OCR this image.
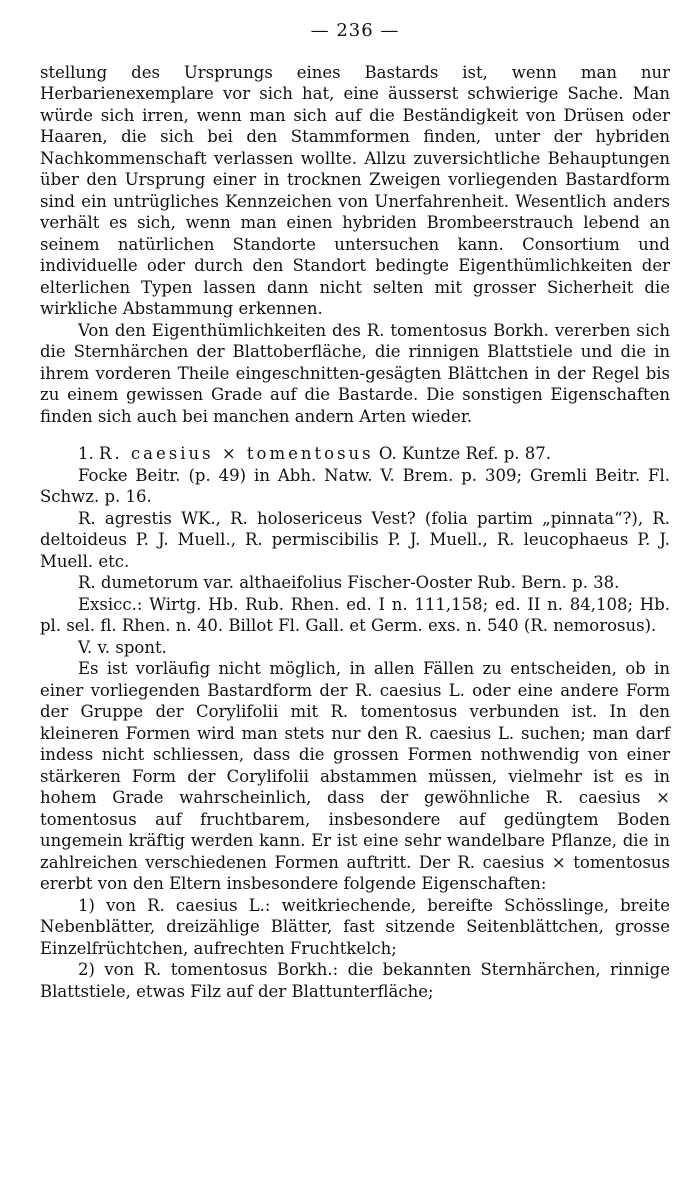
— 236 —

stellung des Ursprungs eines Bastards ist, wenn man nur Herbarienexemplare vor sich hat, eine äusserst schwierige Sache. Man würde sich irren, wenn man sich auf die Beständigkeit von Drüsen oder Haaren, die sich bei den Stammformen finden, unter der hybriden Nachkommenschaft verlassen wollte. Allzu zuversichtliche Behauptungen über den Ursprung einer in trocknen Zweigen vorliegenden Bastardform sind ein untrügliches Kennzeichen von Unerfahrenheit. Wesentlich anders verhält es sich, wenn man einen hybriden Brombeerstrauch lebend an seinem natürlichen Standorte untersuchen kann. Consortium und individuelle oder durch den Standort bedingte Eigenthümlichkeiten der elterlichen Typen lassen dann nicht selten mit grosser Sicherheit die wirkliche Abstammung erkennen.

Von den Eigenthümlichkeiten des R. tomentosus Borkh. vererben sich die Sternhärchen der Blattoberfläche, die rinnigen Blattstiele und die in ihrem vorderen Theile eingeschnitten-gesägten Blättchen in der Regel bis zu einem gewissen Grade auf die Bastarde. Die sonstigen Eigenschaften finden sich auch bei manchen andern Arten wieder.

1. R. caesius × tomentosus O. Kuntze Ref. p. 87.

Focke Beitr. (p. 49) in Abh. Natw. V. Brem. p. 309; Gremli Beitr. Fl. Schwz. p. 16.

R. agrestis WK., R. holosericeus Vest? (folia partim „pinnata“?), R. deltoideus P. J. Muell., R. permiscibilis P. J. Muell., R. leucophaeus P. J. Muell. etc.

R. dumetorum var. althaeifolius Fischer-Ooster Rub. Bern. p. 38.

Exsicc.: Wirtg. Hb. Rub. Rhen. ed. I n. 111,158; ed. II n. 84,108; Hb. pl. sel. fl. Rhen. n. 40. Billot Fl. Gall. et Germ. exs. n. 540 (R. nemorosus).

V. v. spont.

Es ist vorläufig nicht möglich, in allen Fällen zu entscheiden, ob in einer vorliegenden Bastardform der R. caesius L. oder eine andere Form der Gruppe der Corylifolii mit R. tomentosus verbunden ist. In den kleineren Formen wird man stets nur den R. caesius L. suchen; man darf indess nicht schliessen, dass die grossen Formen nothwendig von einer stärkeren Form der Corylifolii abstammen müssen, vielmehr ist es in hohem Grade wahrscheinlich, dass der gewöhnliche R. caesius × tomentosus auf fruchtbarem, insbesondere auf gedüngtem Boden ungemein kräftig werden kann. Er ist eine sehr wandelbare Pflanze, die in zahlreichen verschiedenen Formen auftritt. Der R. caesius × tomentosus ererbt von den Eltern insbesondere folgende Eigenschaften:

1) von R. caesius L.: weitkriechende, bereifte Schösslinge, breite Nebenblätter, dreizählige Blätter, fast sitzende Seitenblättchen, grosse Einzelfrüchtchen, aufrechten Fruchtkelch;

2) von R. tomentosus Borkh.: die bekannten Sternhärchen, rinnige Blattstiele, etwas Filz auf der Blattunterfläche;
